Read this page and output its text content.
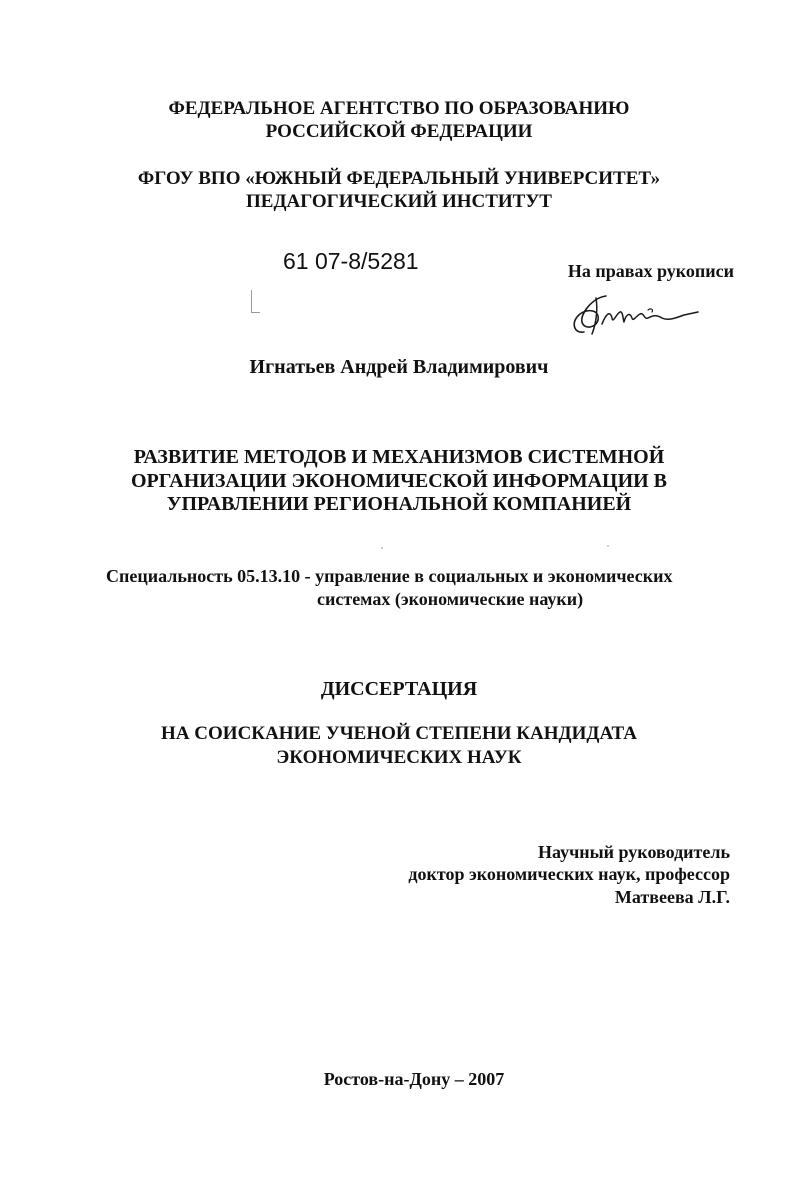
ФЕДЕРАЛЬНОЕ АГЕНТСТВО ПО ОБРАЗОВАНИЮ
РОССИЙСКОЙ ФЕДЕРАЦИИ
ФГОУ ВПО «ЮЖНЫЙ ФЕДЕРАЛЬНЫЙ УНИВЕРСИТЕТ»
ПЕДАГОГИЧЕСКИЙ ИНСТИТУТ
61 07-8/5281	На правах рукописи
Игнатьев Андрей Владимирович
РАЗВИТИЕ МЕТОДОВ И МЕХАНИЗМОВ СИСТЕМНОЙ
ОРГАНИЗАЦИИ ЭКОНОМИЧЕСКОЙ ИНФОРМАЦИИ В
УПРАВЛЕНИИ РЕГИОНАЛЬНОЙ КОМПАНИЕЙ
Специальность 05.13.10 - управление в социальных и экономических
системах (экономические науки)
ДИССЕРТАЦИЯ
НА СОИСКАНИЕ УЧЕНОЙ СТЕПЕНИ КАНДИДАТА
ЭКОНОМИЧЕСКИХ НАУК
Научный руководитель
доктор экономических наук, профессор
Матвеева Л.Г.
Ростов-на-Дону – 2007
